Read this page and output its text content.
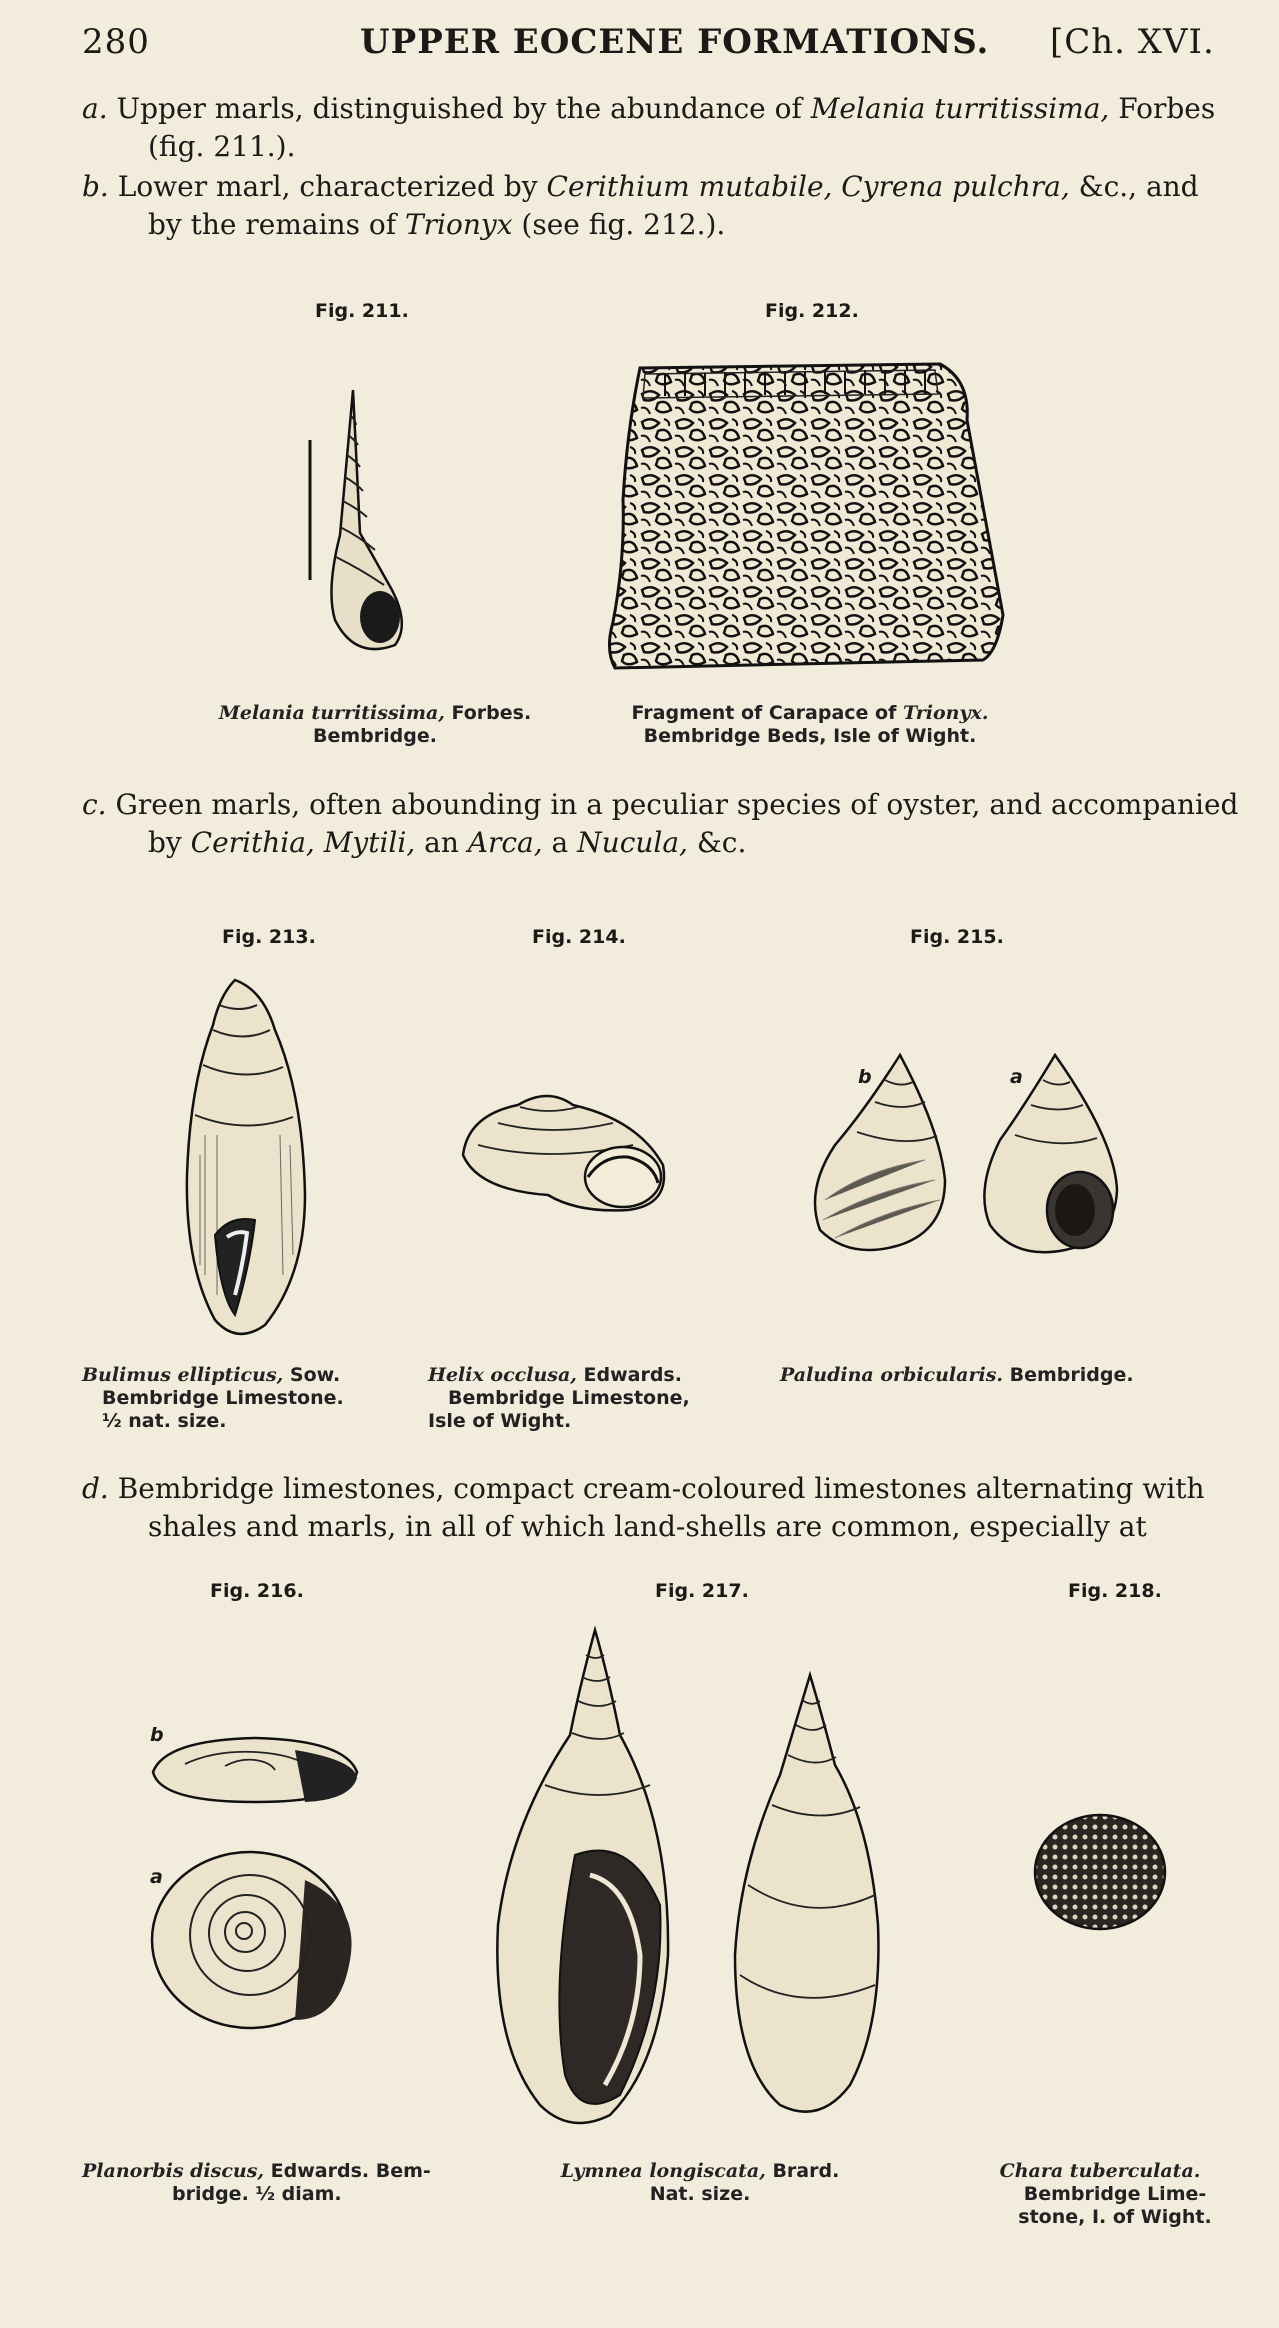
280	UPPER EOCENE FORMATIONS. [Ch. XVI.
a. Upper marls, distinguished by the abundance of Melania turritissima, Forbes
(fig. 211.).
b. Lower marl, characterized by Cerithium mutabile, Cyrena pulchra, &c., and
by the remains of Trionyx (see fig. 212.).
Fig. 211.
Melania turritissima, Forbes.
Bembridge.
Fig. 212.
Fragment of Carapace of Trionyx.
Bembridge Beds, Isle of Wight.
c. Green marls, often abounding in a peculiar species of oyster, and accompanied
by Cerithia, Mytili, an Arca, a Nucula, &c.
Fig. 213.
Bulimus ellipticus, Sow.
Bembridge Limestone.
½ nat. size.
Fig. 214.
Helix occlusa, Edwards.
Bembridge Limestone,
Isle of Wight.
Fig. 215.
b	a
Paludina orbicularis. Bembridge.
d. Bembridge limestones, compact cream-coloured limestones alternating with
shales and marls, in all of which land-shells are common, especially at
Fig. 216.
b
a
Planorbis discus, Edwards. Bem-
bridge. ½ diam.
Fig. 217.
Lymnea longiscata, Brard.
Nat. size.
Fig. 218.
Chara tuberculata.
Bembridge Lime-
stone, I. of Wight.
